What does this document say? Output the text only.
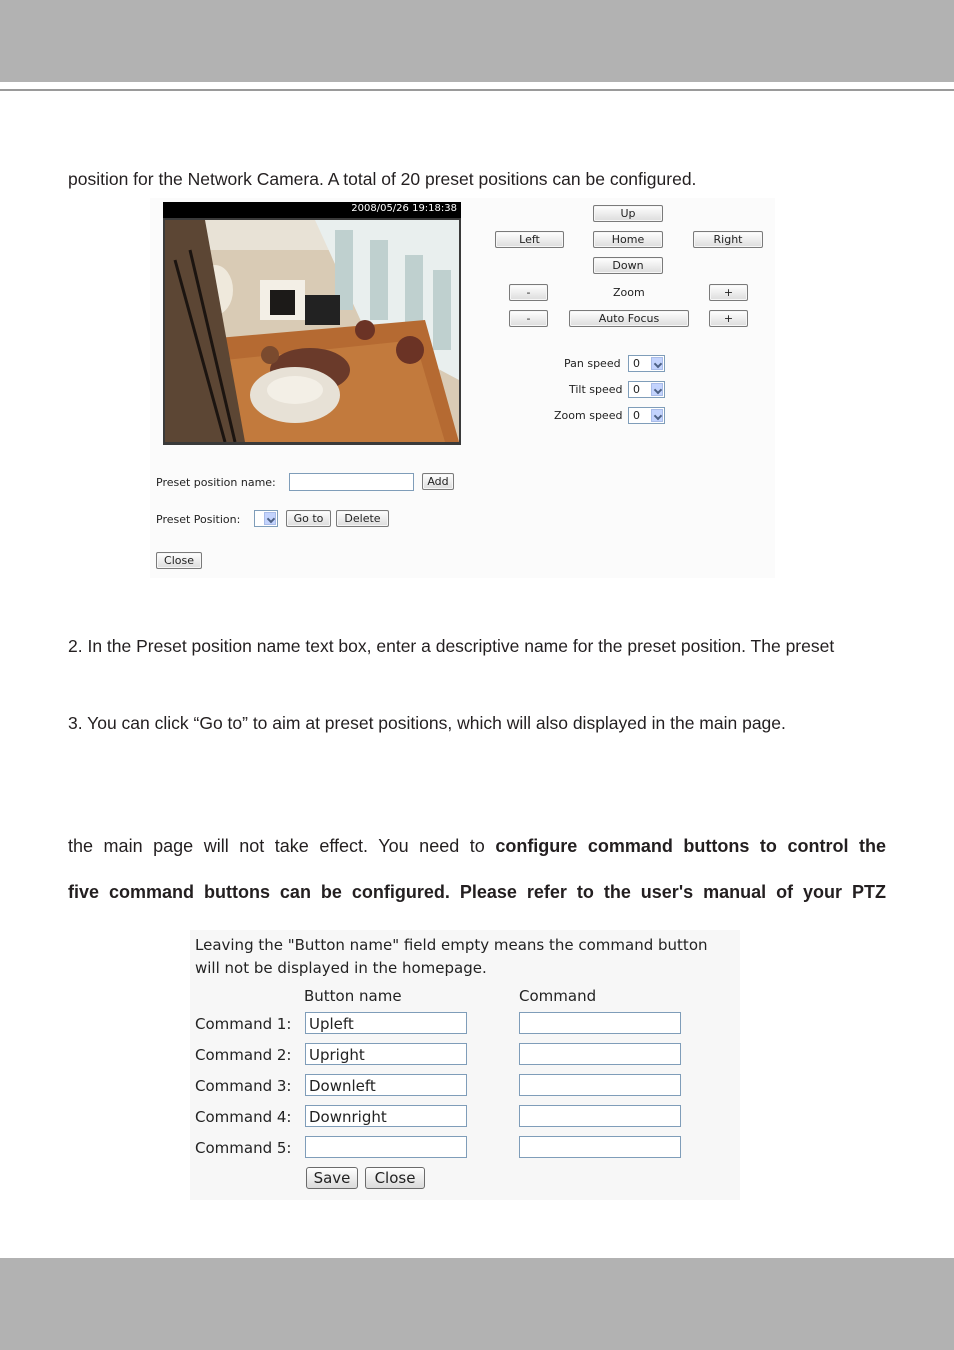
position for the Network Camera. A total of 20 preset positions can be configured.
2008/05/26 19:18:38	Up
Left	Home	Right
Down
-	Zoom	+
-	Auto Focus	+
Pan speed 0
Tilt speed 0
Zoom speed 0
Preset position name:	Add
Preset Position:	Go to	Delete
Close
2. In the Preset position name text box, enter a descriptive name for the preset position. The preset
3. You can click “Go to” to aim at preset positions, which will also displayed in the main page.
the main page will not take effect. You need to configure command buttons to control the
five command buttons can be configured. Please refer to the user's manual of your PTZ
Leaving the "Button name" field empty means the command button
will not be displayed in the homepage.
Button name	Command
Command 1: Upleft
Command 2: Upright
Command 3: Downleft
Command 4: Downright
Command 5:
Save	Close
